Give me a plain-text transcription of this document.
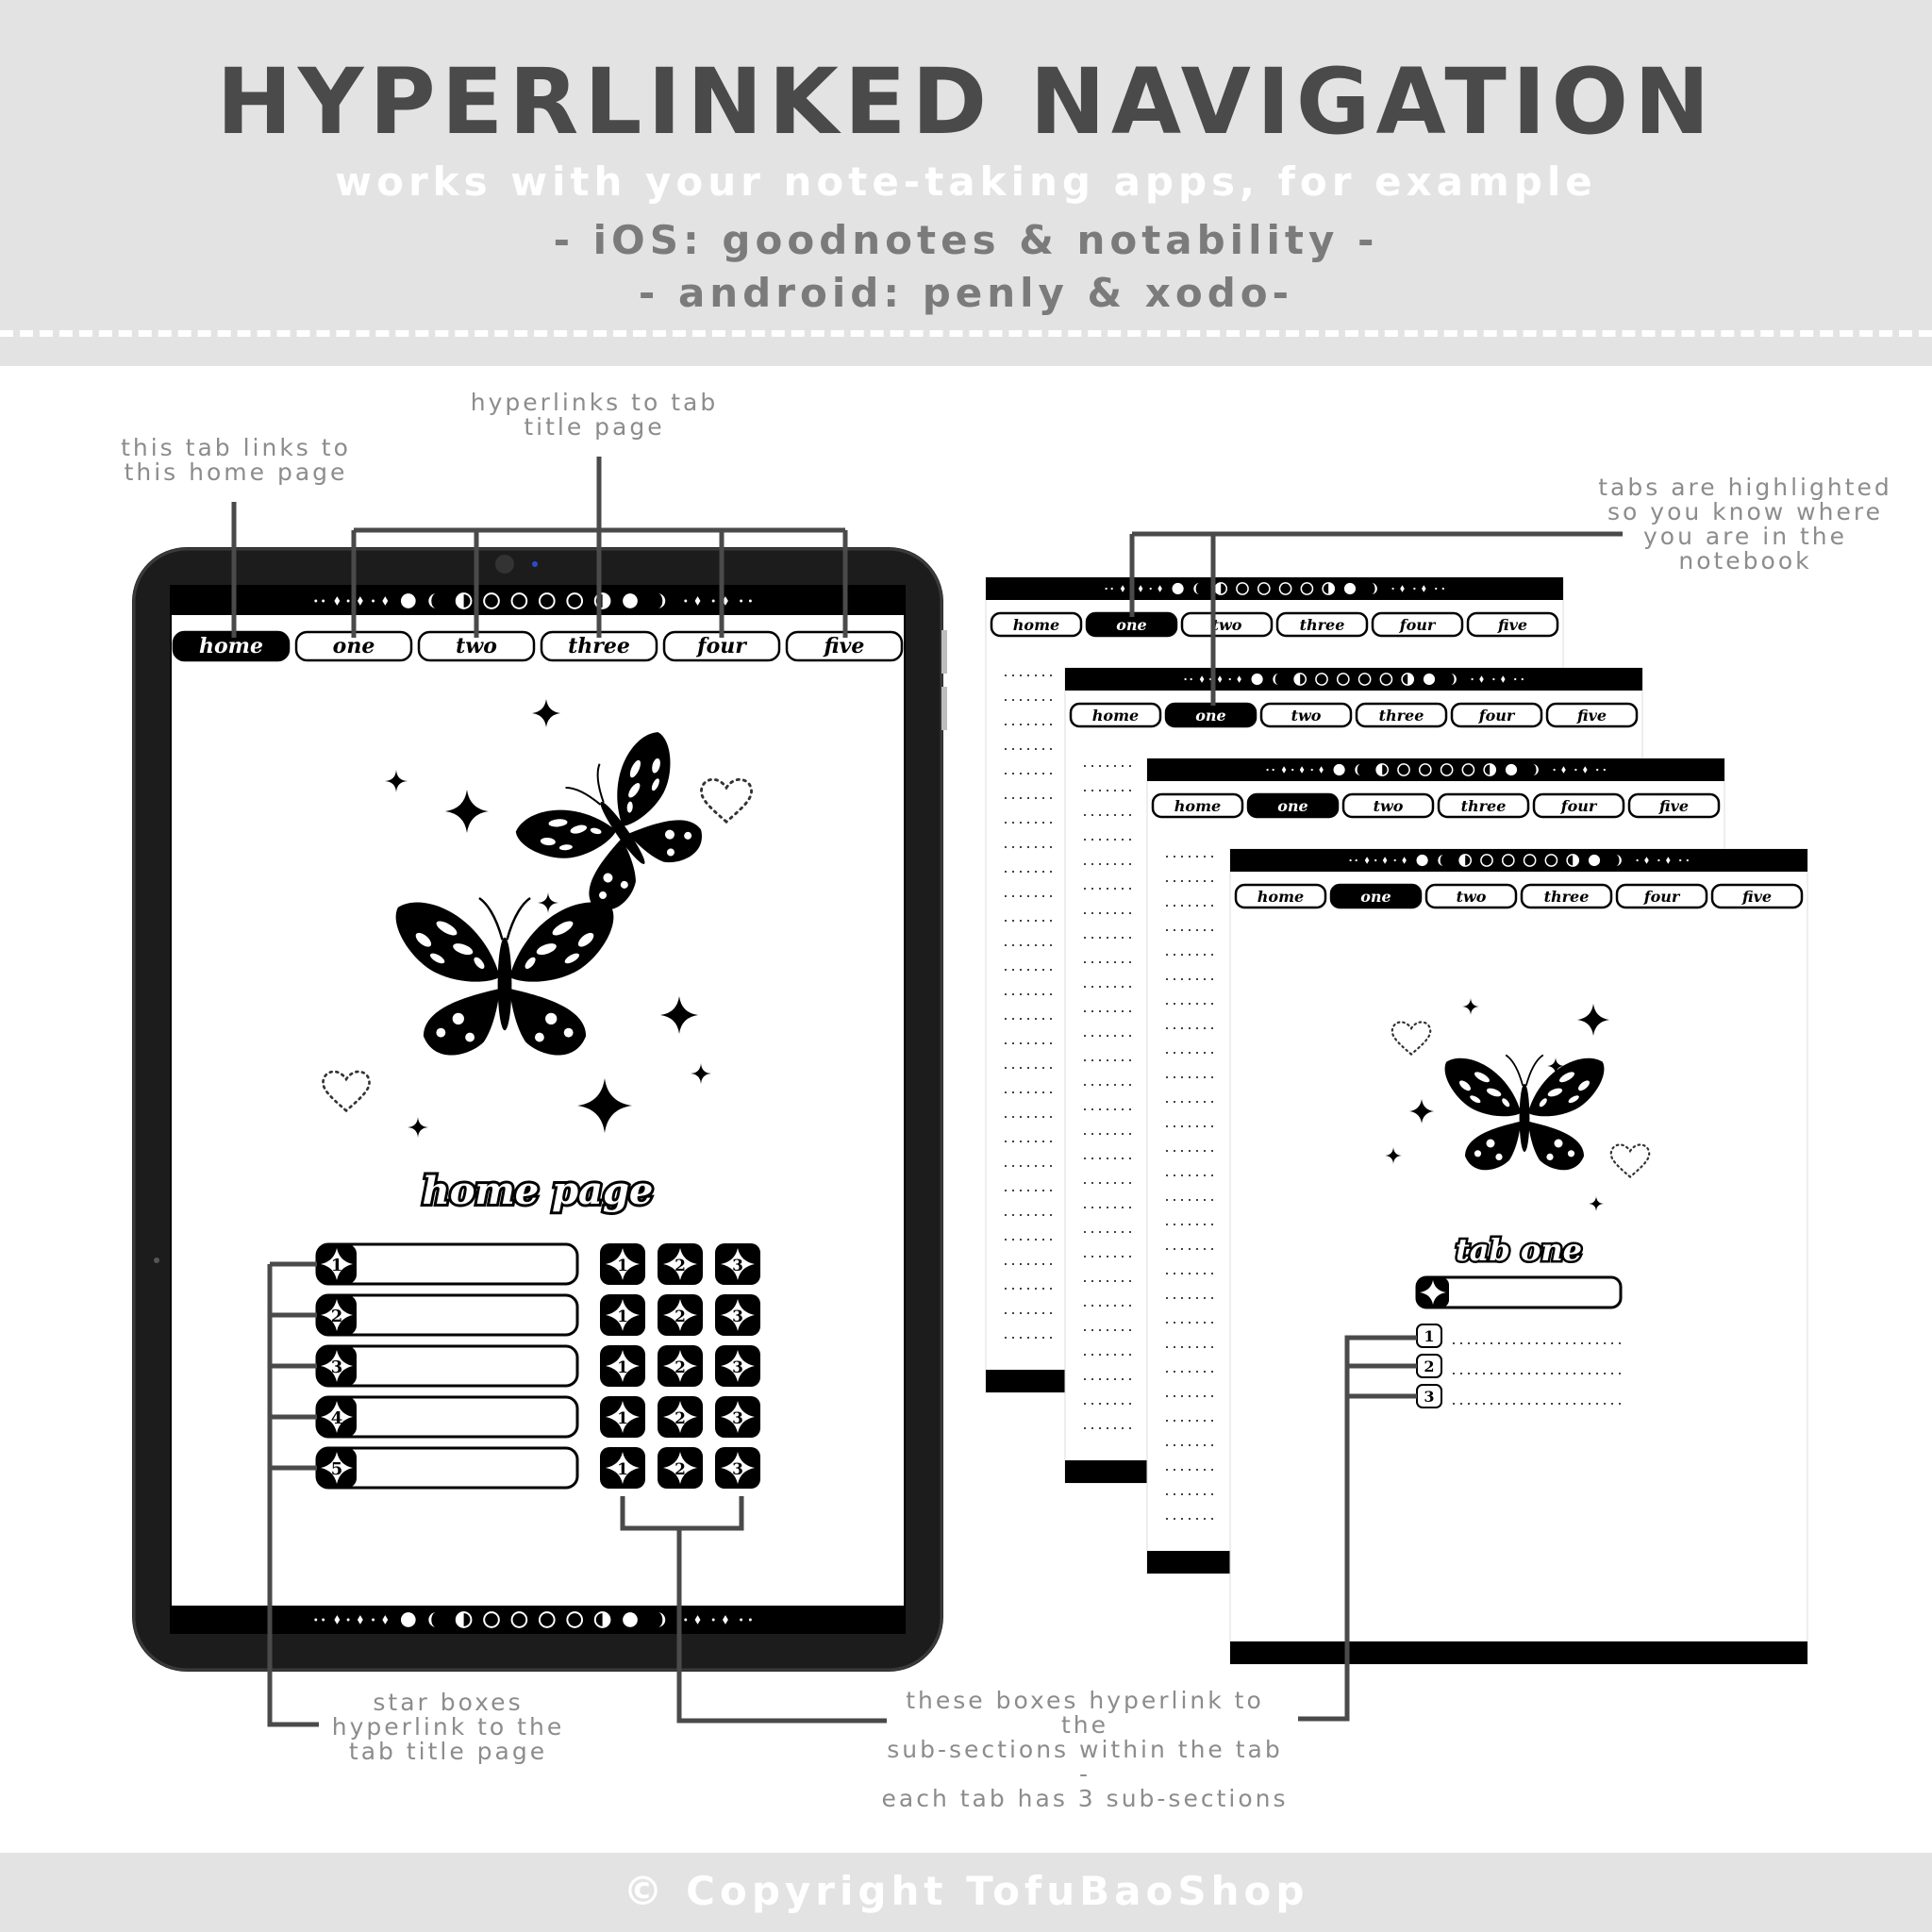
HYPERLINKED NAVIGATION
works with your note-taking apps, for example
- iOS: goodnotes & notability -
- android: penly & xodo-
home	one	two	three	four	five
home page
1
2
3
4
5
1	2	3
1	2	3
1	2	3
1	2	3
1	2	3
home	one	two	three	four	five
home	one	two	three	four	five
home	one	two	three	four	five
home	one	two	three	four	five
tab one
1
2
3
this tab links to
this home page
hyperlinks to tab
title page
tabs are highlighted
so you know where
you are in the
notebook
star boxes
hyperlink to the
tab title page
these boxes hyperlink to the
sub-sections within the tab -
each tab has 3 sub-sections
© Copyright TofuBaoShop
